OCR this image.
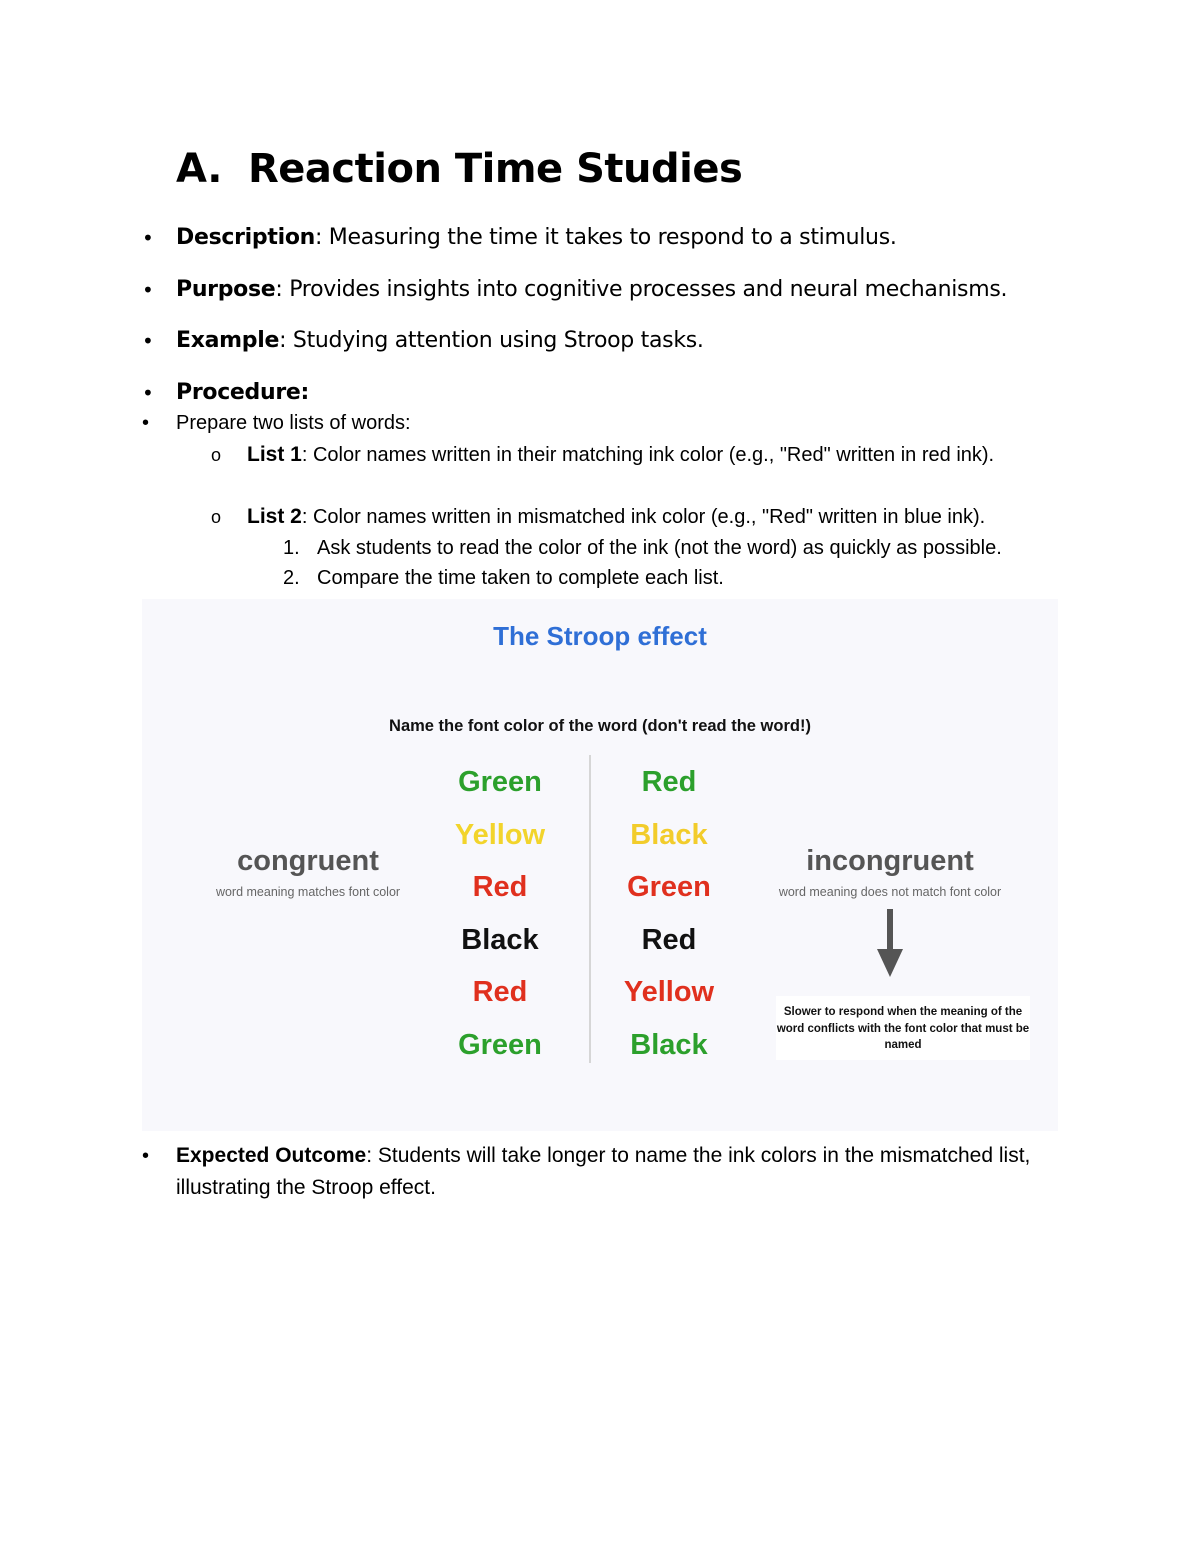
A. Reaction Time Studies
• Description: Measuring the time it takes to respond to a stimulus.
• Purpose: Provides insights into cognitive processes and neural mechanisms.
• Example: Studying attention using Stroop tasks.
• Procedure:
• Prepare two lists of words:
o List 1: Color names written in their matching ink color (e.g., "Red" written in red ink).
o List 2: Color names written in mismatched ink color (e.g., "Red" written in blue ink).
1. Ask students to read the color of the ink (not the word) as quickly as possible.
2. Compare the time taken to complete each list.
The Stroop effect
Name the font color of the word (don't read the word!)
congruent
word meaning matches font color
incongruent
word meaning does not match font color
Slower to respond when the meaning of the word conflicts with the font color that must be named
Green
Yellow
Red
Black
Red
Green
Red
Black
Green
Red
Yellow
Black
• Expected Outcome: Students will take longer to name the ink colors in the mismatched list, illustrating the Stroop effect.
